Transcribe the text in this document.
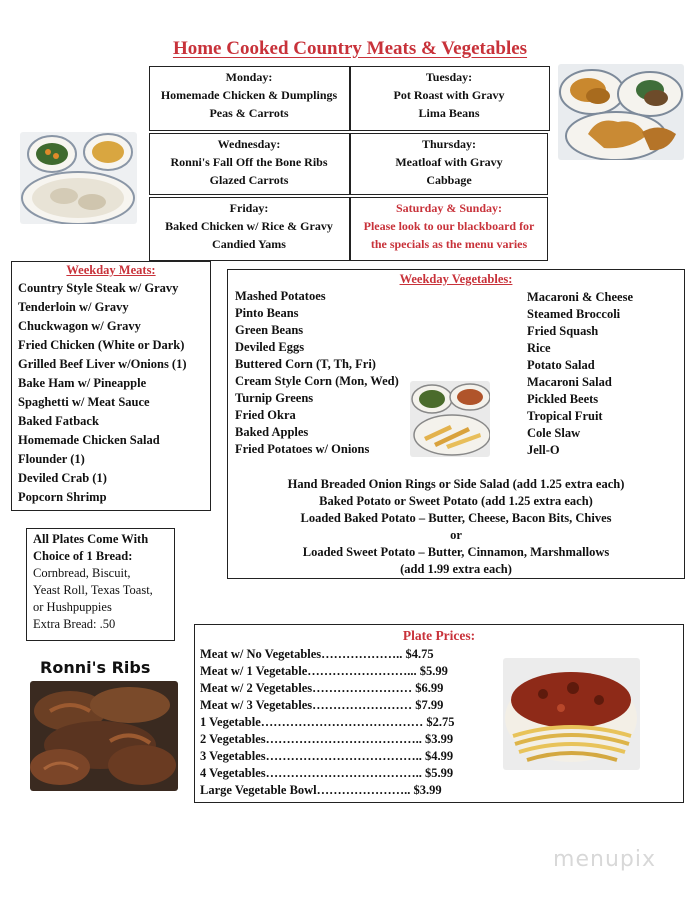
Home Cooked Country Meats & Vegetables
Monday:
Homemade Chicken & Dumplings
Peas & Carrots
Tuesday:
Pot Roast with Gravy
Lima Beans
Wednesday:
Ronni's Fall Off the Bone Ribs
Glazed Carrots
Thursday:
Meatloaf with Gravy
Cabbage
Friday:
Baked Chicken w/ Rice & Gravy
Candied Yams
Saturday & Sunday:
Please look to our blackboard for
the specials as the menu varies
Weekday Meats:
Country Style Steak w/ Gravy
Tenderloin w/ Gravy
Chuckwagon w/ Gravy
Fried Chicken (White or Dark)
Grilled Beef Liver w/Onions (1)
Bake Ham w/ Pineapple
Spaghetti w/ Meat Sauce
Baked Fatback
Homemade Chicken Salad
Flounder (1)
Deviled Crab (1)
Popcorn Shrimp
Weekday Vegetables:
Mashed Potatoes
Pinto Beans
Green Beans
Deviled Eggs
Buttered Corn (T, Th, Fri)
Cream Style Corn (Mon, Wed)
Turnip Greens
Fried Okra
Baked Apples
Fried Potatoes w/ Onions
Macaroni & Cheese
Steamed Broccoli
Fried Squash
Rice
Potato Salad
Macaroni Salad
Pickled Beets
Tropical Fruit
Cole Slaw
Jell-O
Hand Breaded Onion Rings or Side Salad (add 1.25 extra each)
Baked Potato or Sweet Potato (add 1.25 extra each)
Loaded Baked Potato – Butter, Cheese, Bacon Bits, Chives
or
Loaded Sweet Potato – Butter, Cinnamon, Marshmallows
(add 1.99 extra each)
All Plates Come With
Choice of 1 Bread:
Cornbread, Biscuit,
Yeast Roll, Texas Toast,
or Hushpuppies
Extra Bread: .50
Ronni's Ribs
Plate Prices:
Meat w/ No Vegetables ………………..
$4.75
Meat w/ 1 Vegetable ……………………...
$5.99
Meat w/ 2 Vegetables ……………………
$6.99
Meat w/ 3 Vegetables ……………………
$7.99
1 Vegetable …………………………………
$2.75
2 Vegetables ………………………………..
$3.99
3 Vegetables ………………………………..
$4.99
4 Vegetables ………………………………..
$5.99
Large Vegetable Bowl …………………..
$3.99
menupix
